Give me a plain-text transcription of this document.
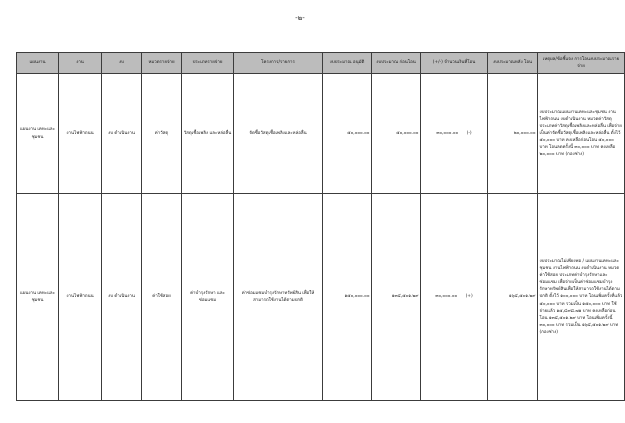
-๒-
แผนงาน	งาน	งบ	หมวดรายจ่าย	ประเภทรายจ่าย	โครงการ/รายการ	งบประมาณ อนุมัติ	งบประมาณ ก่อนโอน	(+/-) จำนวนเงินที่โอน	งบประมาณหลัง โอน	เหตุผล/ข้อชี้แจง การโอนงบประมาณรายจ่าย
แผนงาน เคหะและ ชุมชน	งานไฟฟ้าถนน	งบ ดำเนินงาน	ค่าวัสดุ	วัสดุเชื้อเพลิง และหล่อลื่น	จัดซื้อวัสดุเชื้อเพลิงและหล่อลื่น	๕๐,๐๐๐.๐๐	๕๐,๐๐๐.๐๐	๓๐,๐๐๐.๐๐ (-)	๒๐,๐๐๐.๐๐	งบประมาณแผนงานเคหะและชุมชน งานไฟฟ้าถนน งบดำเนินงาน หมวดค่าวัสดุ ประเภทค่าวัสดุเชื้อเพลิงและหล่อลื่น เพื่อจ่ายเป็นค่าจัดซื้อวัสดุเชื้อเพลิงและหล่อลื่น ตั้งไว้ ๕๐,๐๐๐ บาท คงเหลือก่อนโอน ๕๐,๐๐๐ บาท โอนลดครั้งนี้ ๓๐,๐๐๐ บาท คงเหลือ ๒๐,๐๐๐ บาท (กองช่าง)
แผนงาน เคหะและ ชุมชน	งานไฟฟ้าถนน	งบ ดำเนินงาน	ค่าใช้สอย	ค่าบำรุงรักษา และซ่อมแซม	ค่าซ่อมแซมบำรุงรักษาทรัพย์สิน เพื่อให้สามารถใช้งานได้ตามปกติ	๑๕๐,๐๐๐.๐๐	๑๓๔,๕๐๑.๒๙	๓๐,๐๐๐.๐๐ (+)	๑๖๔,๕๐๑.๒๙	งบประมาณไม่เพียงพอ / แผนงานเคหะและชุมชน งานไฟฟ้าถนน งบดำเนินงาน หมวดค่าใช้สอย ประเภทค่าบำรุงรักษาและซ่อมแซม เพื่อจ่ายเป็นค่าซ่อมแซมบำรุงรักษาทรัพย์สินเพื่อให้สามารถใช้งานได้ตามปกติ ตั้งไว้ ๑๐๐,๐๐๐ บาท โอนเพิ่มครั้งที่แล้ว ๕๐,๐๐๐ บาท รวมเป็น ๑๕๐,๐๐๐ บาท ใช้จ่ายแล้ว ๑๕,๔๙๘.๗๑ บาท คงเหลือก่อนโอน ๑๓๔,๕๐๑.๒๙ บาท โอนเพิ่มครั้งนี้ ๓๐,๐๐๐ บาท รวมเป็น ๑๖๔,๕๐๑.๒๙ บาท (กองช่าง)
